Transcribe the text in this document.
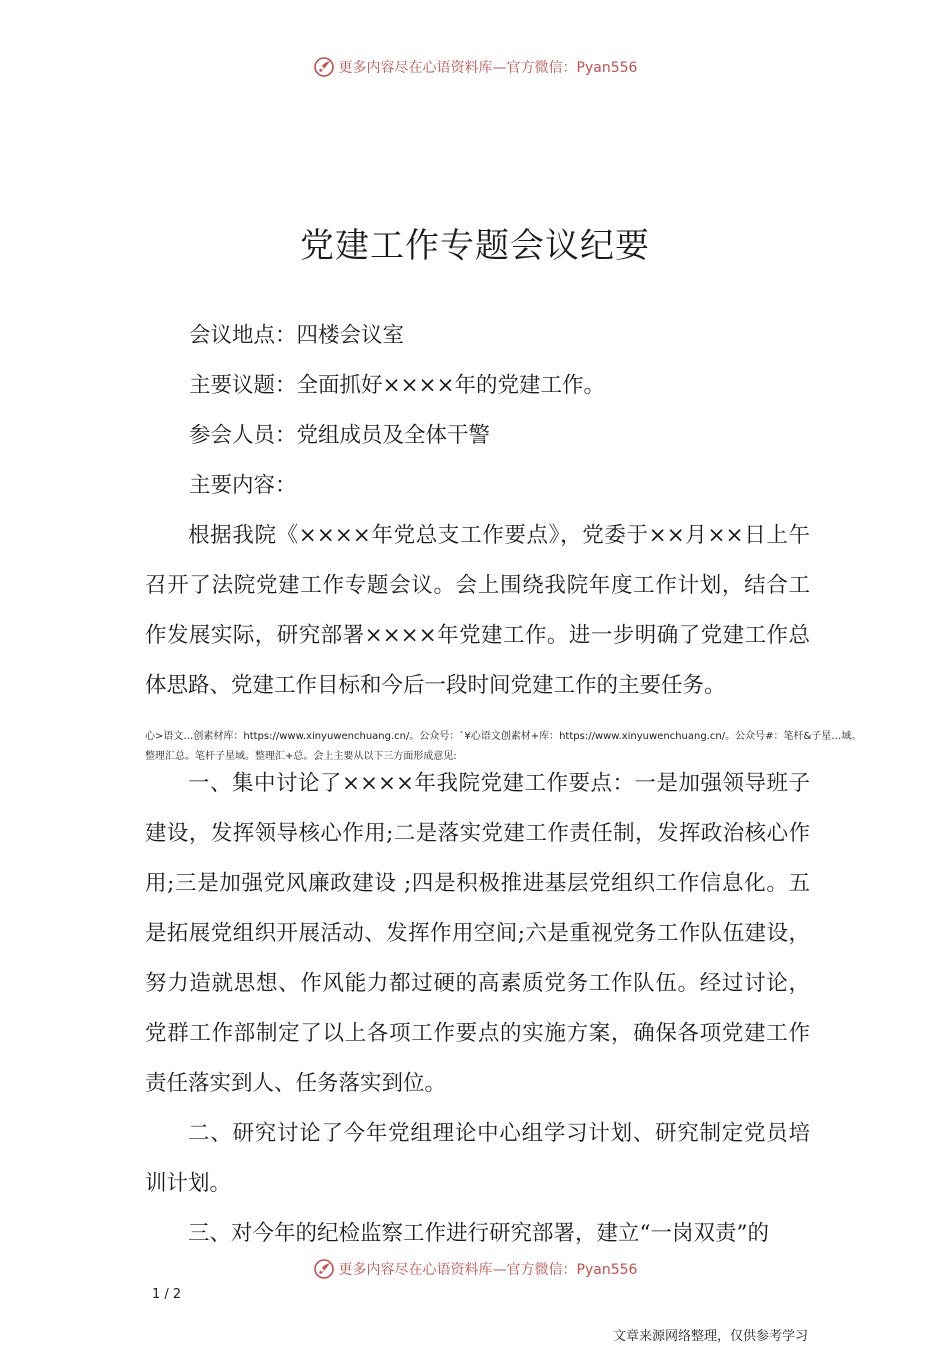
更多内容尽在心语资料库—官方微信：Pyan556
党建工作专题会议纪要
会议地点：四楼会议室
主要议题：全面抓好××××年的党建工作。
参会人员：党组成员及全体干警
主要内容：
根据我院《××××年党总支工作要点》，党委于××月××日上午召开了法院党建工作专题会议。会上围绕我院年度工作计划，结合工作发展实际，研究部署××××年党建工作。进一步明确了党建工作总体思路、党建工作目标和今后一段时间党建工作的主要任务。
心>语文…创素材库：https://www.xinyuwenchuang.cn/。公众号：`¥心语文创素材+库：https://www.xinyuwenchuang.cn/。公众号#：笔杆&子星…域。
整理汇总。笔杆子星域。整理汇+总。会上主要从以下三方面形成意见:
一、集中讨论了××××年我院党建工作要点：一是加强领导班子建设，发挥领导核心作用;二是落实党建工作责任制，发挥政治核心作用;三是加强党风廉政建设 ;四是积极推进基层党组织工作信息化。五是拓展党组织开展活动、发挥作用空间;六是重视党务工作队伍建设，努力造就思想、作风能力都过硬的高素质党务工作队伍。经过讨论，党群工作部制定了以上各项工作要点的实施方案，确保各项党建工作责任落实到人、任务落实到位。
二、研究讨论了今年党组理论中心组学习计划、研究制定党员培训计划。
三、对今年的纪检监察工作进行研究部署，建立“一岗双责”的
更多内容尽在心语资料库—官方微信：Pyan556
1 / 2
文章来源网络整理，仅供参考学习
